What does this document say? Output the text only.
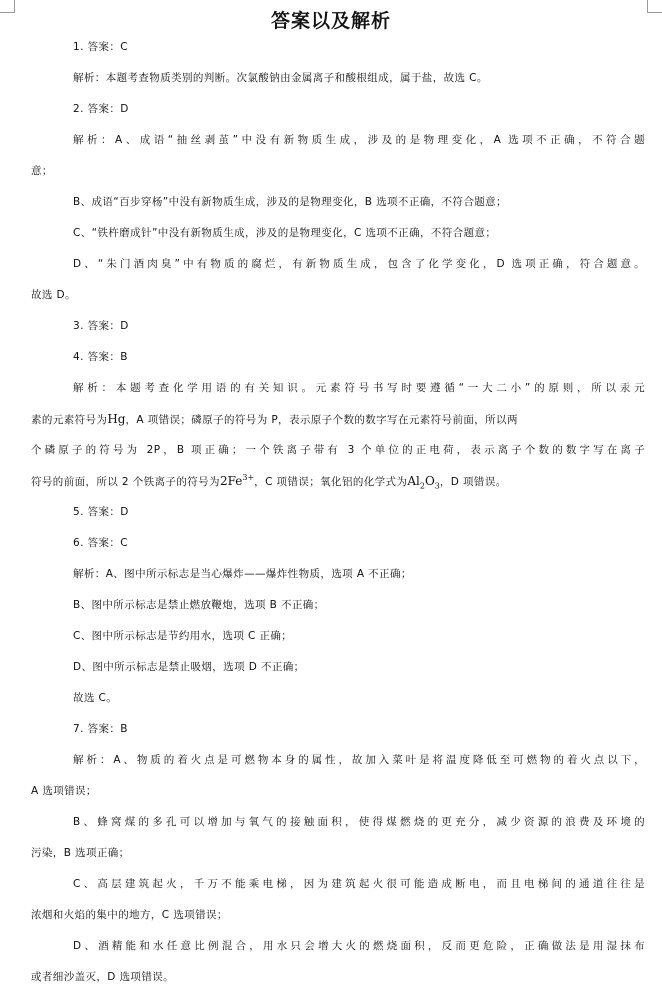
答案以及解析
1. 答案：C
解析：本题考查物质类别的判断。次氯酸钠由金属离子和酸根组成，属于盐，故选 C。
2. 答案：D
解析：A、成语“抽丝剥茧”中没有新物质生成，涉及的是物理变化，A 选项不正确，不符合题
意；
B、成语“百步穿杨”中没有新物质生成，涉及的是物理变化，B 选项不正确，不符合题意；
C、“铁杵磨成针”中没有新物质生成，涉及的是物理变化，C 选项不正确，不符合题意；
D、“朱门酒肉臭”中有物质的腐烂，有新物质生成，包含了化学变化，D 选项正确，符合题意。
故选 D。
3. 答案：D
4. 答案：B
解析：本题考查化学用语的有关知识。元素符号书写时要遵循“一大二小”的原则，所以汞元
素的元素符号为Hg，A 项错误；磷原子的符号为 P，表示原子个数的数字写在元素符号前面，所以两
个磷原子的符号为 2P，B 项正确；一个铁离子带有 3 个单位的正电荷，表示离子个数的数字写在离子
符号的前面，所以 2 个铁离子的符号为$2Fe^{3+}$，C 项错误；氧化铝的化学式为$Al_2O_3$，D 项错误。
5. 答案：D
6. 答案：C
解析：A、图中所示标志是当心爆炸——爆炸性物质，选项 A 不正确；
B、图中所示标志是禁止燃放鞭炮，选项 B 不正确；
C、图中所示标志是节约用水，选项 C 正确；
D、图中所示标志是禁止吸烟，选项 D 不正确；
故选 C。
7. 答案：B
解析：A、物质的着火点是可燃物本身的属性，故加入菜叶是将温度降低至可燃物的着火点以下，
A 选项错误；
B、蜂窝煤的多孔可以增加与氧气的接触面积，使得煤燃烧的更充分，减少资源的浪费及环境的
污染，B 选项正确；
C、高层建筑起火，千万不能乘电梯，因为建筑起火很可能造成断电，而且电梯间的通道往往是
浓烟和火焰的集中的地方，C 选项错误；
D、酒精能和水任意比例混合，用水只会增大火的燃烧面积，反而更危险，正确做法是用湿抹布
或者细沙盖灭，D 选项错误。
